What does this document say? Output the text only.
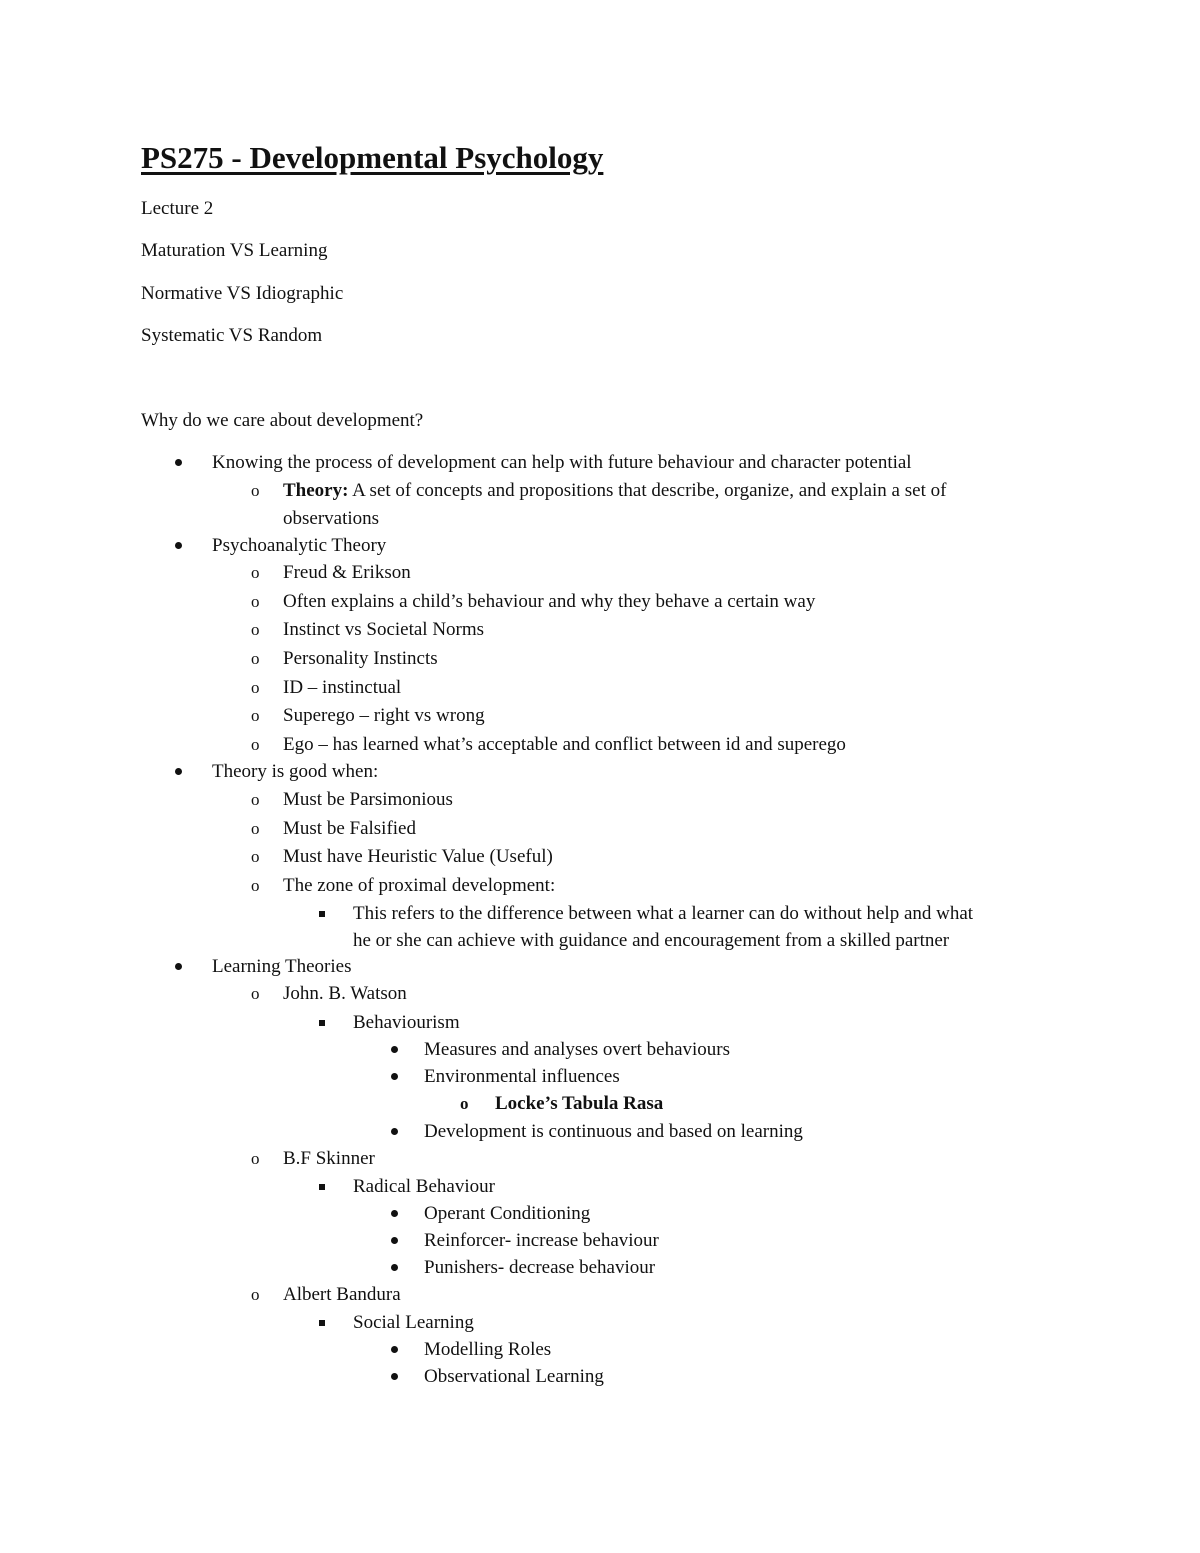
PS275 - Developmental Psychology
Lecture 2
Maturation VS Learning
Normative VS Idiographic
Systematic VS Random
Why do we care about development?
Knowing the process of development can help with future behaviour and character potential
o
Theory: A set of concepts and propositions that describe, organize, and explain a set of
observations
Psychoanalytic Theory
o
Freud & Erikson
o
Often explains a child’s behaviour and why they behave a certain way
o
Instinct vs Societal Norms
o
Personality Instincts
o
ID – instinctual
o
Superego – right vs wrong
o
Ego – has learned what’s acceptable and conflict between id and superego
Theory is good when:
o
Must be Parsimonious
o
Must be Falsified
o
Must have Heuristic Value (Useful)
o
The zone of proximal development:
This refers to the difference between what a learner can do without help and what
he or she can achieve with guidance and encouragement from a skilled partner
Learning Theories
o
John. B. Watson
Behaviourism
Measures and analyses overt behaviours
Environmental influences
o
Locke’s Tabula Rasa
Development is continuous and based on learning
o
B.F Skinner
Radical Behaviour
Operant Conditioning
Reinforcer- increase behaviour
Punishers- decrease behaviour
o
Albert Bandura
Social Learning
Modelling Roles
Observational Learning
